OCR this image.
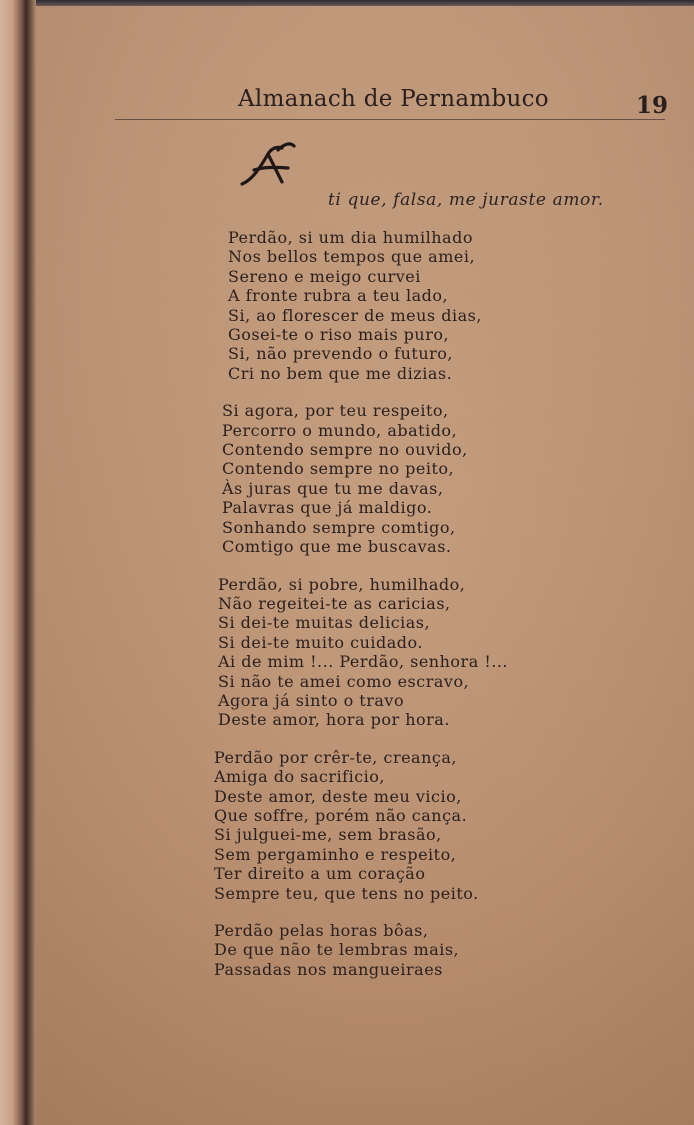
Almanach de Pernambuco	19
ti que, falsa, me juraste amor.
Perdão, si um dia humilhado
Nos bellos tempos que amei,
Sereno e meigo curvei
A fronte rubra a teu lado,
Si, ao florescer de meus dias,
Gosei-te o riso mais puro,
Si, não prevendo o futuro,
Cri no bem que me dizias.
Si agora, por teu respeito,
Percorro o mundo, abatido,
Contendo sempre no ouvido,
Contendo sempre no peito,
Às juras que tu me davas,
Palavras que já maldigo.
Sonhando sempre comtigo,
Comtigo que me buscavas.
Perdão, si pobre, humilhado,
Não regeitei-te as caricias,
Si dei-te muitas delicias,
Si dei-te muito cuidado.
Ai de mim !... Perdão, senhora !...
Si não te amei como escravo,
Agora já sinto o travo
Deste amor, hora por hora.
Perdão por crêr-te, creança,
Amiga do sacrificio,
Deste amor, deste meu vicio,
Que soffre, porém não cança.
Si julguei-me, sem brasão,
Sem pergaminho e respeito,
Ter direito a um coração
Sempre teu, que tens no peito.
Perdão pelas horas bôas,
De que não te lembras mais,
Passadas nos mangueiraes
